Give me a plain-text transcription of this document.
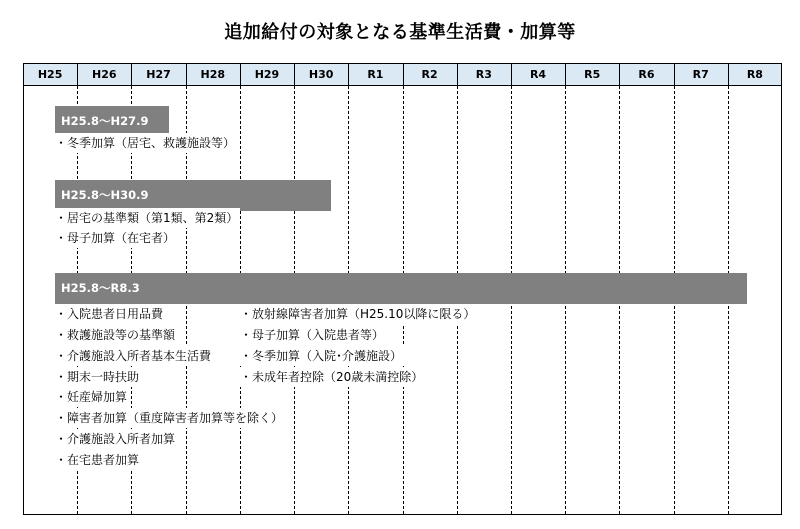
追加給付の対象となる基準生活費・加算等
H25	H26	H27	H28	H29	H30	R1	R2	R3	R4	R5	R6	R7	R8
H25.8〜H27.9
・冬季加算（居宅、救護施設等）
H25.8〜H30.9
・居宅の基準類（第1類、第2類）
・母子加算（在宅者）
H25.8〜R8.3
・入院患者日用品費
・救護施設等の基準額
・介護施設入所者基本生活費
・期末一時扶助
・妊産婦加算
・障害者加算（重度障害者加算等を除く）
・介護施設入所者加算
・在宅患者加算
・放射線障害者加算（H25.10以降に限る）
・母子加算（入院患者等）
・冬季加算（入院･介護施設）
・未成年者控除（20歳未満控除）
